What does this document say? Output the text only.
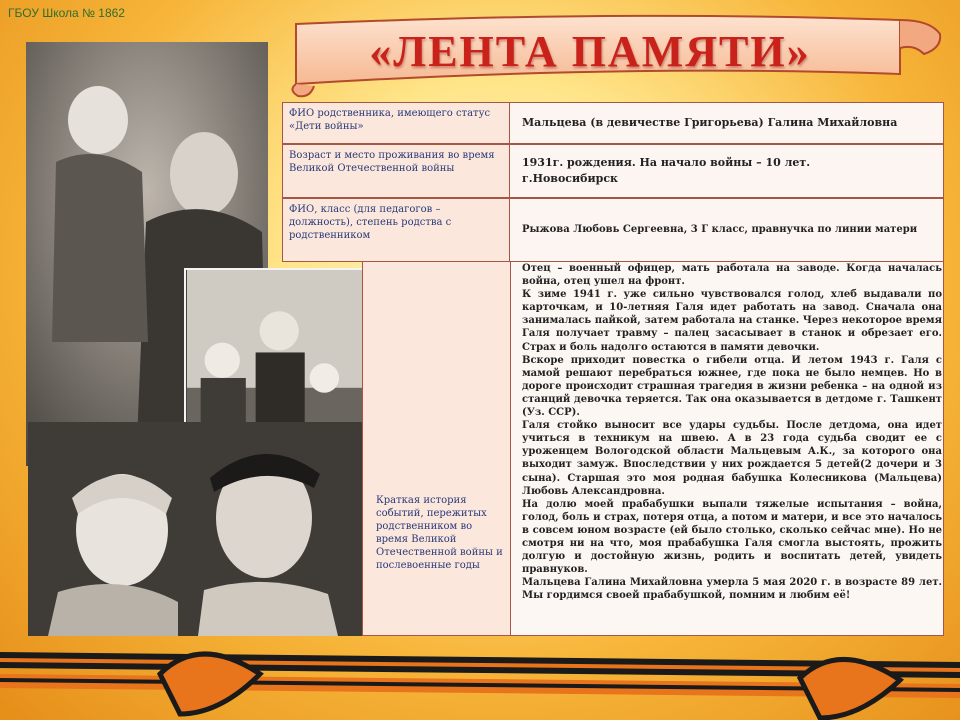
ГБОУ Школа № 1862
«ЛЕНТА ПАМЯТИ»
ФИО родственника, имеющего статус «Дети войны»	Мальцева (в девичестве Григорьева) Галина Михайловна
Возраст и место проживания во время Великой Отечественной войны	1931г. рождения. На начало войны – 10 лет.
г.Новосибирск
ФИО, класс (для педагогов – должность), степень родства с родственником
Рыжова Любовь Сергеевна, 3 Г класс, правнучка по линии матери
Краткая история событий, пережитых родственником во время Великой Отечественной войны и послевоенные годы

Отец – военный офицер, мать работала на заводе. Когда началась война, отец ушел на фронт.

К зиме 1941 г. уже сильно чувствовался голод, хлеб выдавали по карточкам, и 10-летняя Галя идет работать на завод. Сначала она занималась пайкой, затем работала на станке. Через некоторое время Галя получает травму – палец засасывает в станок и обрезает его. Страх и боль надолго остаются в памяти девочки.

Вскоре приходит повестка о гибели отца. И летом 1943 г. Галя с мамой решают перебраться южнее, где пока не было немцев. Но в дороге происходит страшная трагедия в жизни ребенка – на одной из станций девочка теряется. Так она оказывается в детдоме г. Ташкент (Уз. ССР).

Галя стойко выносит все удары судьбы. После детдома, она идет учиться в техникум на швею. А в 23 года судьба сводит ее с уроженцем Вологодской области Мальцевым А.К., за которого она выходит замуж. Впоследствии у них рождается 5 детей(2 дочери и 3 сына). Старшая это моя родная бабушка Колесникова (Мальцева) Любовь Александровна.

На долю моей прабабушки выпали тяжелые испытания – война, голод, боль и страх, потеря отца, а потом и матери, и все это началось в совсем юном возрасте (ей было столько, сколько сейчас мне). Но не смотря ни на что, моя прабабушка Галя смогла выстоять, прожить долгую и достойную жизнь, родить и воспитать детей, увидеть правнуков.

Мальцева Галина Михайловна умерла 5 мая 2020 г. в возрасте 89 лет. Мы гордимся своей прабабушкой, помним и любим её!
